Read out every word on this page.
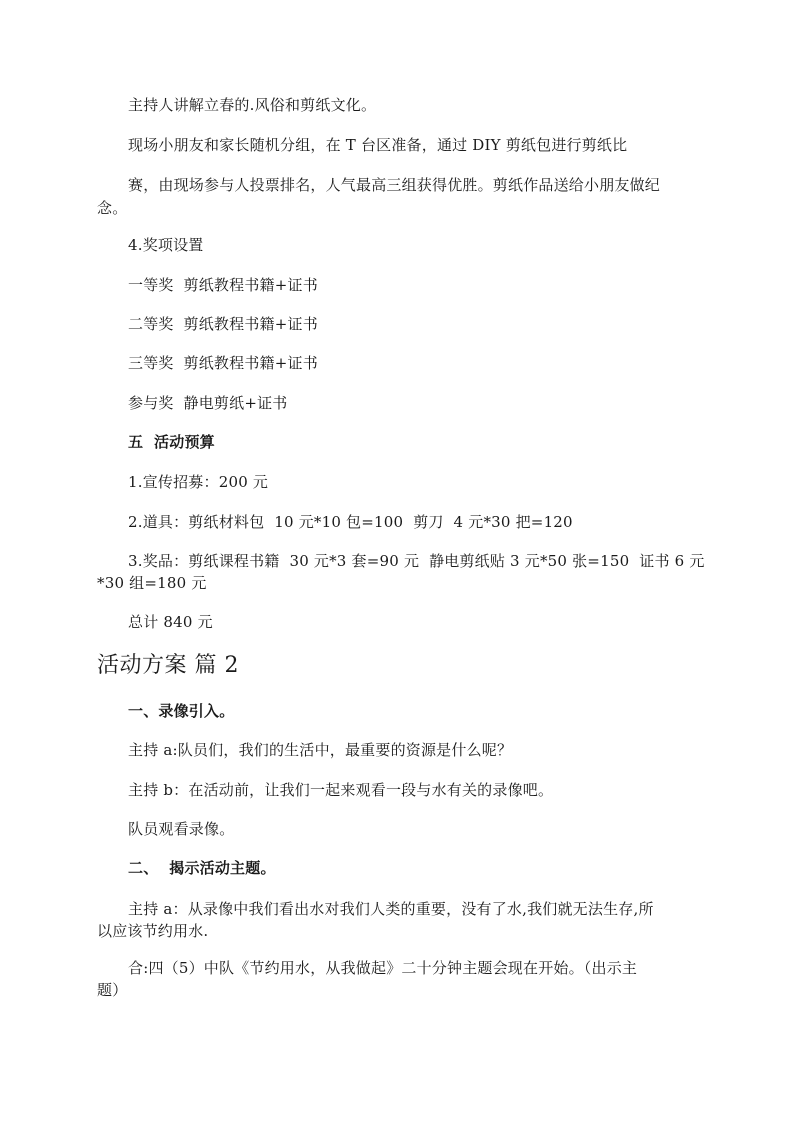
主持人讲解立春的.风俗和剪纸文化。
现场小朋友和家长随机分组，在 T 台区准备，通过 DIY 剪纸包进行剪纸比
赛，由现场参与人投票排名，人气最高三组获得优胜。剪纸作品送给小朋友做纪
念。
4.奖项设置
一等奖  剪纸教程书籍+证书
二等奖  剪纸教程书籍+证书
三等奖  剪纸教程书籍+证书
参与奖  静电剪纸+证书
五  活动预算
1.宣传招募：200 元
2.道具：剪纸材料包  10 元*10 包=100  剪刀  4 元*30 把=120
3.奖品：剪纸课程书籍  30 元*3 套=90 元  静电剪纸贴 3 元*50 张=150  证书 6 元
*30 组=180 元
总计 840 元
活动方案 篇 2
一、录像引入。
主持 a:队员们，我们的生活中，最重要的资源是什么呢？
主持 b：在活动前，让我们一起来观看一段与水有关的录像吧。
队员观看录像。
二、  揭示活动主题。
主持 a：从录像中我们看出水对我们人类的重要，没有了水,我们就无法生存,所
以应该节约用水.
合:四（5）中队《节约用水，从我做起》二十分钟主题会现在开始。（出示主
题）
